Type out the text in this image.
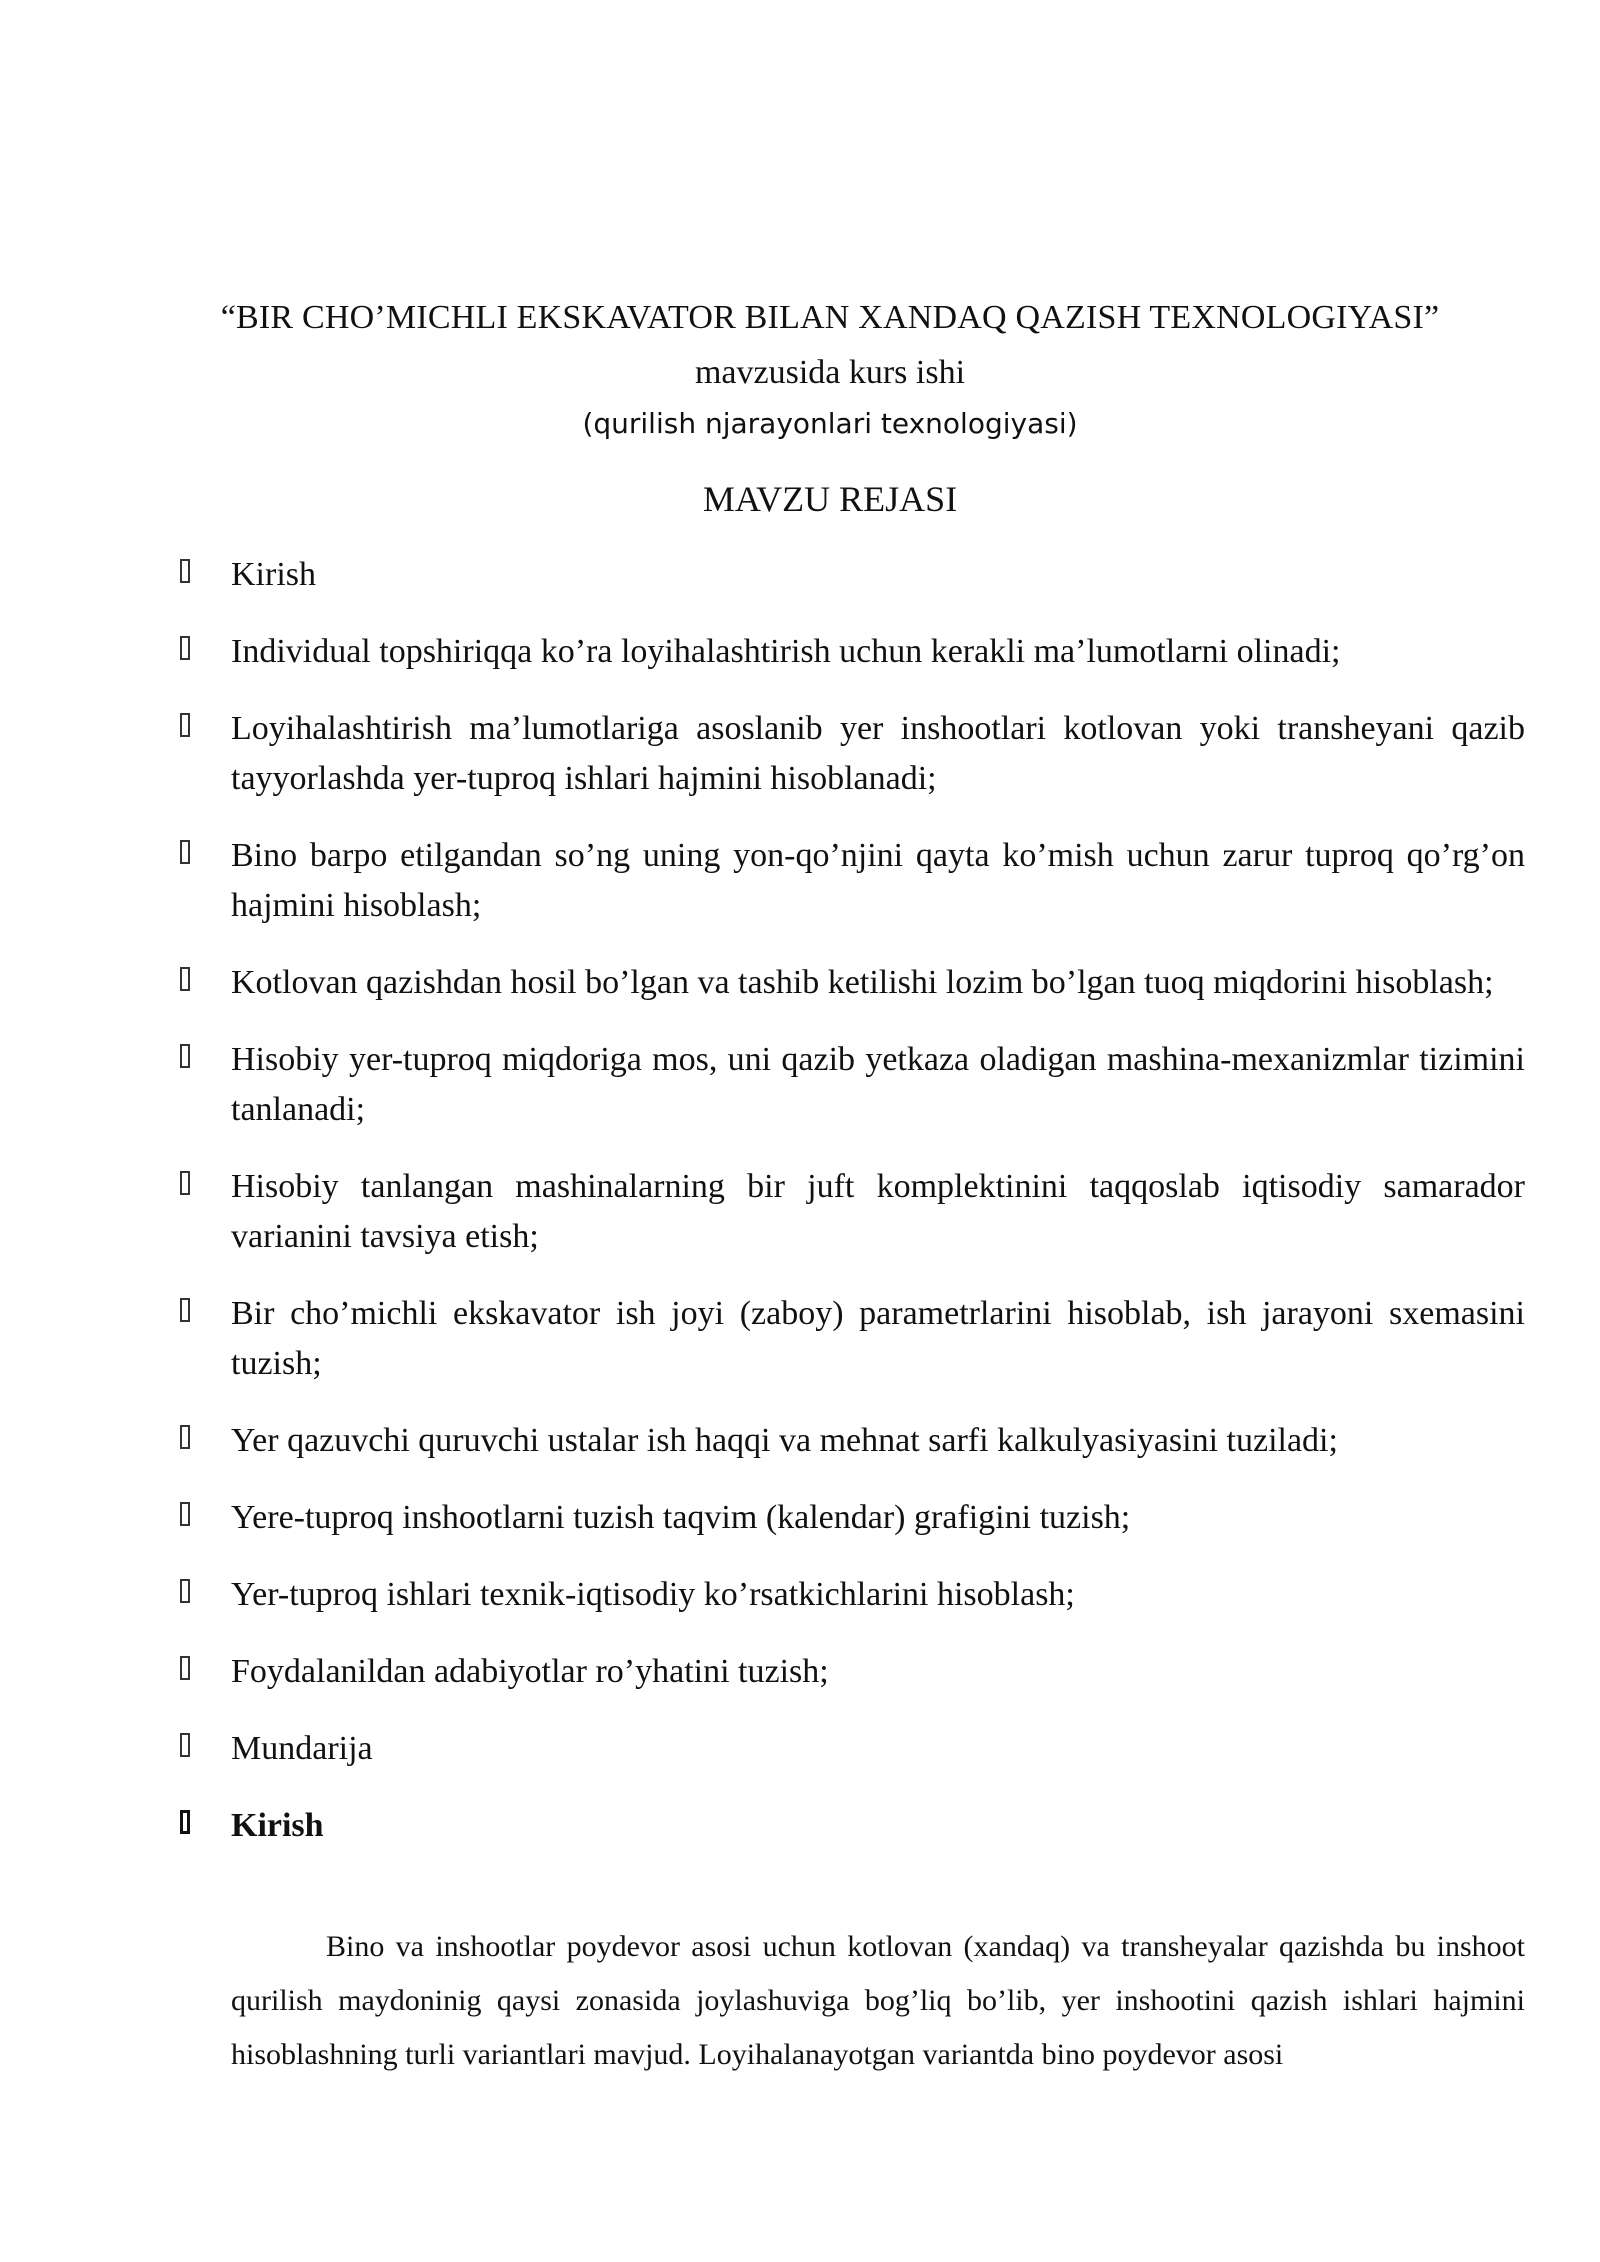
“BIR CHO’MICHLI EKSKAVATOR BILAN XANDAQ QAZISH TEXNOLOGIYASI”
mavzusida kurs ishi
(qurilish njarayonlari texnologiyasi)
MAVZU REJASI
Kirish
Individual topshiriqqa ko’ra loyihalashtirish uchun kerakli ma’lumotlarni olinadi;
Loyihalashtirish ma’lumotlariga asoslanib yer inshootlari kotlovan yoki transheyani qazib tayyorlashda yer-tuproq ishlari hajmini hisoblanadi;
Bino barpo etilgandan so’ng uning yon-qo’njini qayta ko’mish uchun zarur tuproq qo’rg’on hajmini hisoblash;
Kotlovan qazishdan hosil bo’lgan va tashib ketilishi lozim bo’lgan tuoq miqdorini hisoblash;
Hisobiy yer-tuproq miqdoriga mos, uni qazib yetkaza oladigan mashina-mexanizmlar tizimini tanlanadi;
Hisobiy tanlangan mashinalarning bir juft komplektinini taqqoslab iqtisodiy samarador varianini tavsiya etish;
Bir cho’michli ekskavator ish joyi (zaboy) parametrlarini hisoblab, ish jarayoni sxemasini tuzish;
Yer qazuvchi quruvchi ustalar ish haqqi va mehnat sarfi kalkulyasiyasini tuziladi;
Yere-tuproq inshootlarni tuzish taqvim (kalendar) grafigini tuzish;
Yer-tuproq ishlari texnik-iqtisodiy ko’rsatkichlarini hisoblash;
Foydalanildan adabiyotlar ro’yhatini tuzish;
Mundarija
Kirish

Bino va inshootlar poydevor asosi uchun kotlovan (xandaq) va transheyalar qazishda bu inshoot qurilish maydoninig qaysi zonasida joylashuviga bog’liq bo’lib, yer inshootini qazish ishlari hajmini hisoblashning turli variantlari mavjud. Loyihalanayotgan variantda bino poydevor asosi
